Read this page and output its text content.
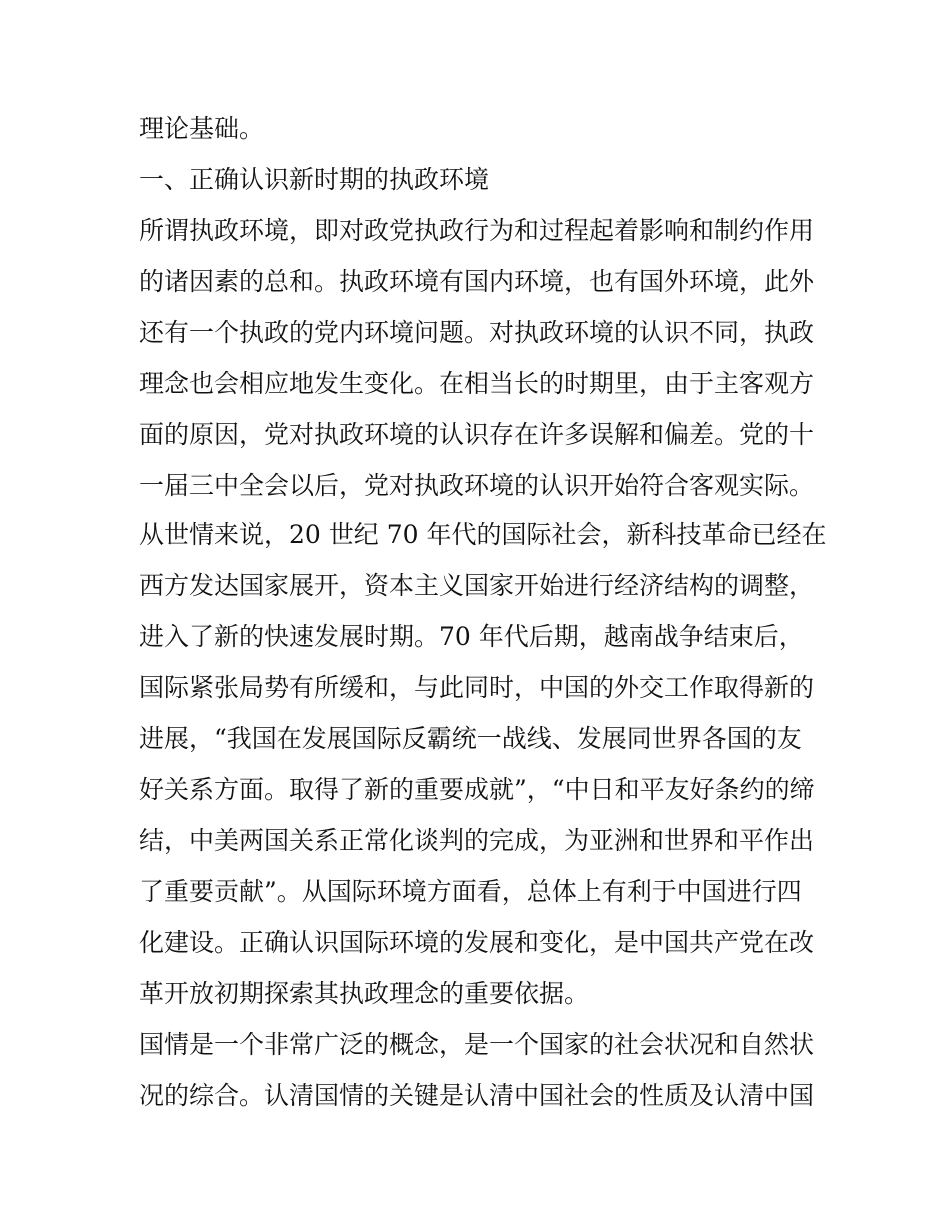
理论基础。
一、正确认识新时期的执政环境
所谓执政环境，即对政党执政行为和过程起着影响和制约作用
的诸因素的总和。执政环境有国内环境，也有国外环境，此外
还有一个执政的党内环境问题。对执政环境的认识不同，执政
理念也会相应地发生变化。在相当长的时期里，由于主客观方
面的原因，党对执政环境的认识存在许多误解和偏差。党的十
一届三中全会以后，党对执政环境的认识开始符合客观实际。
从世情来说，20 世纪 70 年代的国际社会，新科技革命已经在
西方发达国家展开，资本主义国家开始进行经济结构的调整，
进入了新的快速发展时期。70 年代后期，越南战争结束后，
国际紧张局势有所缓和，与此同时，中国的外交工作取得新的
进展，“我国在发展国际反霸统一战线、发展同世界各国的友
好关系方面。取得了新的重要成就”，“中日和平友好条约的缔
结，中美两国关系正常化谈判的完成，为亚洲和世界和平作出
了重要贡献”。从国际环境方面看，总体上有利于中国进行四
化建设。正确认识国际环境的发展和变化，是中国共产党在改
革开放初期探索其执政理念的重要依据。
国情是一个非常广泛的概念，是一个国家的社会状况和自然状
况的综合。认清国情的关键是认清中国社会的性质及认清中国
